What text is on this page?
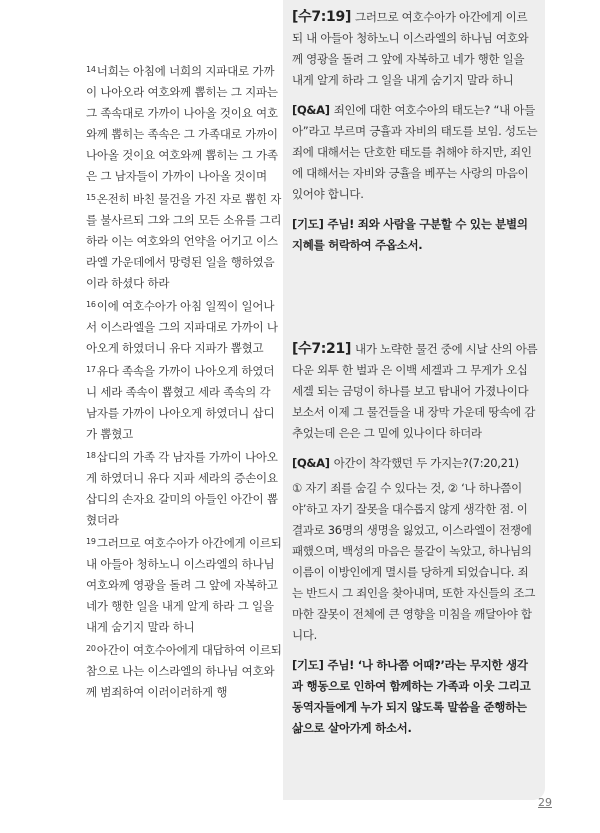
$^{14}$너희는 아침에 너희의 지파대로 가까이 나아오라 여호와께 뽑히는 그 지파는 그 족속대로 가까이 나아올 것이요 여호와께 뽑히는 족속은 그 가족대로 가까이 나아올 것이요 여호와께 뽑히는 그 가족은 그 남자들이 가까이 나아올 것이며

$^{15}$온전히 바친 물건을 가진 자로 뽑힌 자를 불사르되 그와 그의 모든 소유를 그리하라 이는 여호와의 언약을 어기고 이스라엘 가운데에서 망령된 일을 행하였음이라 하셨다 하라

$^{16}$이에 여호수아가 아침 일찍이 일어나서 이스라엘을 그의 지파대로 가까이 나아오게 하였더니 유다 지파가 뽑혔고

$^{17}$유다 족속을 가까이 나아오게 하였더니 세라 족속이 뽑혔고 세라 족속의 각 남자를 가까이 나아오게 하였더니 삽디가 뽑혔고

$^{18}$삽디의 가족 각 남자를 가까이 나아오게 하였더니 유다 지파 세라의 증손이요 삽디의 손자요 갈미의 아들인 아간이 뽑혔더라

$^{19}$그러므로 여호수아가 아간에게 이르되 내 아들아 청하노니 이스라엘의 하나님 여호와께 영광을 돌려 그 앞에 자복하고 네가 행한 일을 내게 알게 하라 그 일을 내게 숨기지 말라 하니

$^{20}$아간이 여호수아에게 대답하여 이르되 참으로 나는 이스라엘의 하나님 여호와께 범죄하여 이러이러하게 행

[수7:19] 그러므로 여호수아가 아간에게 이르되 내 아들아 청하노니 이스라엘의 하나님 여호와께 영광을 돌려 그 앞에 자복하고 네가 행한 일을 내게 알게 하라 그 일을 내게 숨기지 말라 하니

[Q&A] 죄인에 대한 여호수아의 태도는? “내 아들아”라고 부르며 긍휼과 자비의 태도를 보임. 성도는 죄에 대해서는 단호한 태도를 취해야 하지만, 죄인에 대해서는 자비와 긍휼을 베푸는 사랑의 마음이 있어야 합니다.

[기도] 주님! 죄와 사람을 구분할 수 있는 분별의 지혜를 허락하여 주옵소서.

[수7:21] 내가 노략한 물건 중에 시날 산의 아름다운 외투 한 벌과 은 이백 세겔과 그 무게가 오십 세겔 되는 금덩이 하나를 보고 탐내어 가졌나이다 보소서 이제 그 물건들을 내 장막 가운데 땅속에 감추었는데 은은 그 밑에 있나이다 하더라

[Q&A] 아간이 착각했던 두 가지는?(7:20,21)

① 자기 죄를 숨길 수 있다는 것, ② ‘나 하나쯤이야’하고 자기 잘못을 대수롭지 않게 생각한 점. 이 결과로 36명의 생명을 잃었고, 이스라엘이 전쟁에 패했으며, 백성의 마음은 물같이 녹았고, 하나님의 이름이 이방인에게 멸시를 당하게 되었습니다. 죄는 반드시 그 죄인을 찾아내며, 또한 자신들의 조그마한 잘못이 전체에 큰 영향을 미침을 깨달아야 합니다.

[기도] 주님! ‘나 하나쯤 어때?’라는 무지한 생각과 행동으로 인하여 함께하는 가족과 이웃 그리고 동역자들에게 누가 되지 않도록 말씀을 준행하는 삶으로 살아가게 하소서.

29
